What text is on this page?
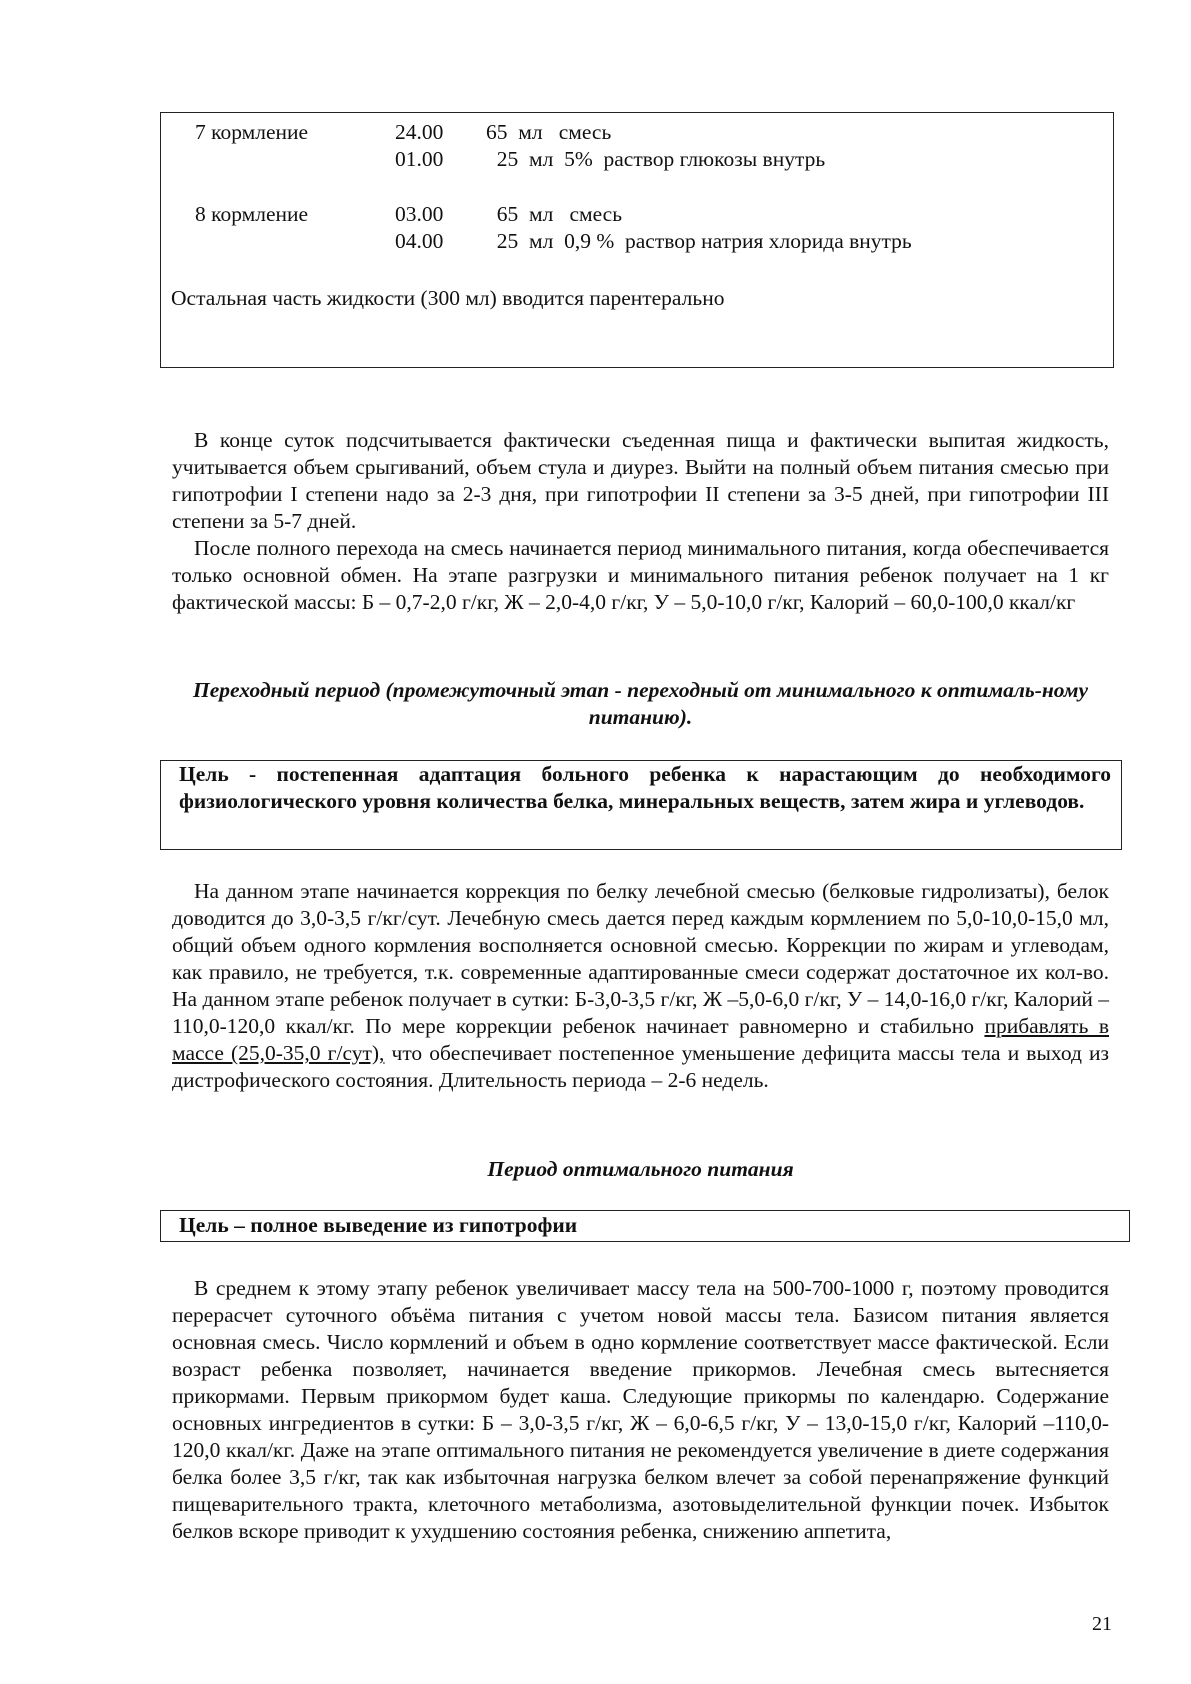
7 кормление	24.00 65  мл   смесь
01.00 25  мл  5%  раствор глюкозы внутрь
8 кормление	03.00 65  мл   смесь
04.00 25  мл  0,9 %  раствор натрия хлорида внутрь
Остальная часть жидкости (300 мл) вводится парентерально

В конце суток подсчитывается фактически съеденная пища и фактически выпитая жидкость, учитывается объем срыгиваний, объем стула и диурез. Выйти на полный объем питания смесью при гипотрофии I степени надо за 2-3 дня, при гипотрофии II степени за 3-5 дней, при гипотрофии III степени за 5-7 дней.

После полного перехода на смесь начинается период минимального питания, когда обеспечивается только основной обмен. На этапе разгрузки и минимального питания ребенок получает на 1 кг фактической массы: Б – 0,7-2,0 г/кг, Ж – 2,0-4,0 г/кг, У – 5,0-10,0 г/кг, Калорий – 60,0-100,0 ккал/кг

Переходный период (промежуточный этап - переходный от минимального к оптималь-ному питанию).

Цель - постепенная адаптация больного ребенка к нарастающим до необходимого физиологического уровня количества белка, минеральных веществ, затем жира и углеводов.

На данном этапе начинается коррекция по белку лечебной смесью (белковые гидролизаты), белок доводится до 3,0-3,5 г/кг/сут. Лечебную смесь дается перед каждым кормлением по 5,0-10,0-15,0 мл, общий объем одного кормления восполняется основной смесью. Коррекции по жирам и углеводам, как правило, не требуется, т.к. современные адаптированные смеси содержат достаточное их кол-во. На данном этапе ребенок получает в сутки: Б-3,0-3,5 г/кг, Ж –5,0-6,0 г/кг, У – 14,0-16,0 г/кг, Калорий – 110,0-120,0 ккал/кг. По мере коррекции ребенок начинает равномерно и стабильно прибавлять в массе (25,0-35,0 г/сут), что обеспечивает постепенное уменьшение дефицита массы тела и выход из дистрофического состояния. Длительность периода – 2-6 недель.

Период оптимального питания

Цель – полное выведение из гипотрофии

В среднем к этому этапу ребенок увеличивает массу тела на 500-700-1000 г, поэтому проводится перерасчет суточного объёма питания с учетом новой массы тела. Базисом питания является основная смесь. Число кормлений и объем в одно кормление соответствует массе фактической. Если возраст ребенка позволяет, начинается введение прикормов. Лечебная смесь вытесняется прикормами. Первым прикормом будет каша. Следующие прикормы по календарю. Содержание основных ингредиентов в сутки: Б – 3,0-3,5 г/кг, Ж – 6,0-6,5 г/кг, У – 13,0-15,0 г/кг, Калорий –110,0-120,0 ккал/кг. Даже на этапе оптимального питания не рекомендуется увеличение в диете содержания белка более 3,5 г/кг, так как избыточная нагрузка белком влечет за собой перенапряжение функций пищеварительного тракта, клеточного метаболизма, азотовыделительной функции почек. Избыток белков вскоре приводит к ухудшению состояния ребенка, снижению аппетита,

21
